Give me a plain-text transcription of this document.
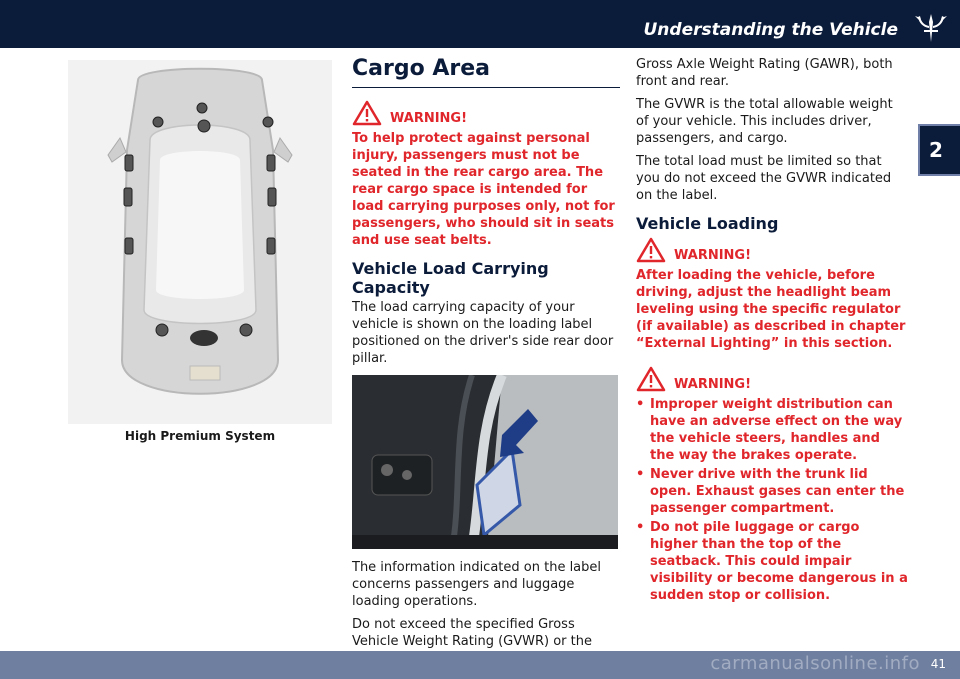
Understanding the Vehicle
2
High Premium System
Cargo Area
WARNING!
To help protect against personal injury, passengers must not be seated in the rear cargo area. The rear cargo space is intended for load carrying purposes only, not for passengers, who should sit in seats and use seat belts.
Vehicle Load Carrying Capacity
The load carrying capacity of your vehicle is shown on the loading label positioned on the driver's side rear door pillar.
The information indicated on the label concerns passengers and luggage loading operations.
Do not exceed the specified Gross Vehicle Weight Rating (GVWR) or the
Gross Axle Weight Rating (GAWR), both front and rear.
The GVWR is the total allowable weight of your vehicle. This includes driver, passengers, and cargo.
The total load must be limited so that you do not exceed the GVWR indicated on the label.
Vehicle Loading
WARNING!
After loading the vehicle, before driving, adjust the headlight beam leveling using the specific regulator (if available) as described in chapter “External Lighting” in this section.
WARNING!
• Improper weight distribution can have an adverse effect on the way the vehicle steers, handles and the way the brakes operate.
• Never drive with the trunk lid open. Exhaust gases can enter the passenger compartment.
• Do not pile luggage or cargo higher than the top of the seatback. This could impair visibility or become dangerous in a sudden stop or collision.
carmanualsonline.info 41
